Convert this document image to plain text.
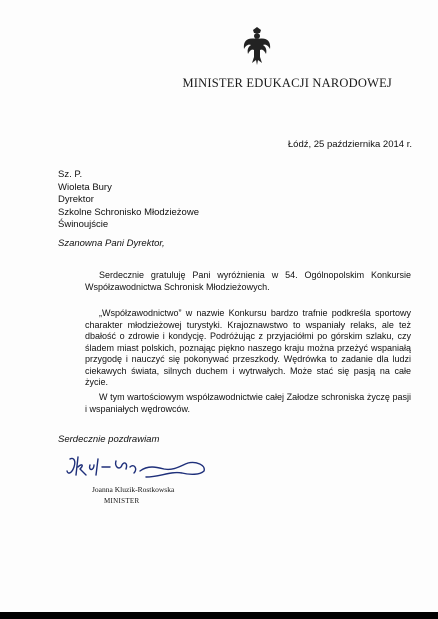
MINISTER EDUKACJI NARODOWEJ
Łódź, 25 października 2014 r.
Sz. P.
Wioleta Bury
Dyrektor
Szkolne Schronisko Młodzieżowe
Świnoujście
Szanowna Pani Dyrektor,
Serdecznie gratuluję Pani wyróżnienia w 54. Ogólnopolskim Konkursie Współzawodnictwa Schronisk Młodzieżowych.
„Współzawodnictwo” w nazwie Konkursu bardzo trafnie podkreśla sportowy charakter młodzieżowej turystyki. Krajoznawstwo to wspaniały relaks, ale też dbałość o zdrowie i kondycję. Podróżując z przyjaciółmi po górskim szlaku, czy śladem miast polskich, poznając piękno naszego kraju można przeżyć wspaniałą przygodę i nauczyć się pokonywać przeszkody. Wędrówka to zadanie dla ludzi ciekawych świata, silnych duchem i wytrwałych. Może stać się pasją na całe życie.
W tym wartościowym współzawodnictwie całej Załodze schroniska życzę pasji i wspaniałych wędrowców.
Serdecznie pozdrawiam
Joanna Kluzik-Rostkowska
MINISTER
